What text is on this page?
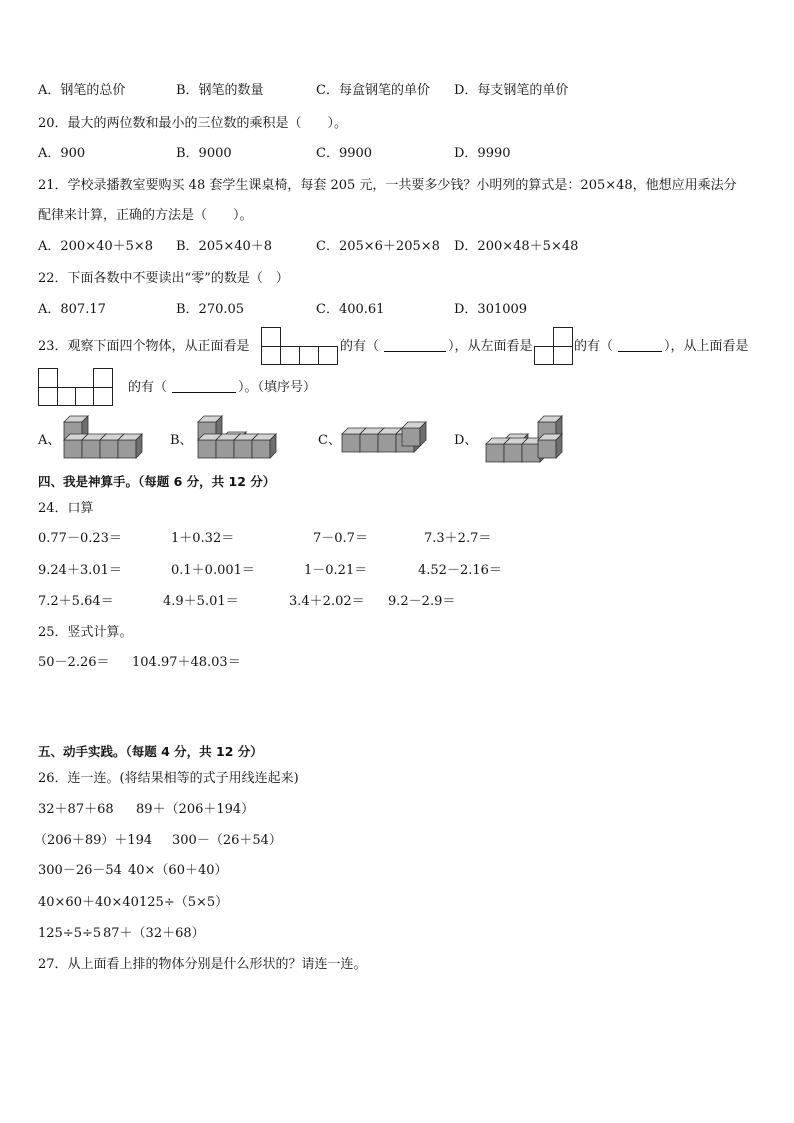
A．钢笔的总价	B．钢笔的数量	C．每盒钢笔的单价 D．每支钢笔的单价
20．最大的两位数和最小的三位数的乘积是（　　）。
A．900	B．9000	C．9900	D．9990
21．学校录播教室要购买 48 套学生课桌椅，每套 205 元，一共要多少钱？小明列的算式是：205×48，他想应用乘法分
配律来计算，正确的方法是（　　）。
A．200×40＋5×8 B．205×40＋8	C．205×6＋205×8 D．200×48＋5×48
22．下面各数中不要读出“零”的数是（　）
A．807.17	B．270.05	C．400.61	D．301009
23．观察下面四个物体，从正面看是	的有（	），从左面看是	的有（	），从上面看是
的有（	）。（填序号）
A、	B、	C、	D、
四、我是神算手。（每题 6 分，共 12 分）
24．口算
0.77－0.23＝	1＋0.32＝	7－0.7＝	7.3＋2.7＝
9.24＋3.01＝	0.1＋0.001＝	1－0.21＝	4.52－2.16＝
7.2＋5.64＝	4.9＋5.01＝	3.4＋2.02＝ 9.2－2.9＝
25．竖式计算。
50－2.26＝ 104.97＋48.03＝
五、动手实践。（每题 4 分，共 12 分）
26．连一连。(将结果相等的式子用线连起来)
32＋87＋68 89＋（206＋194）
（206＋89）＋194 300－（26＋54）
300－26－54 40×（60＋40）
40×60＋40×40 125÷（5×5）
125÷5÷5 87＋（32＋68）
27．从上面看上排的物体分别是什么形状的？请连一连。
